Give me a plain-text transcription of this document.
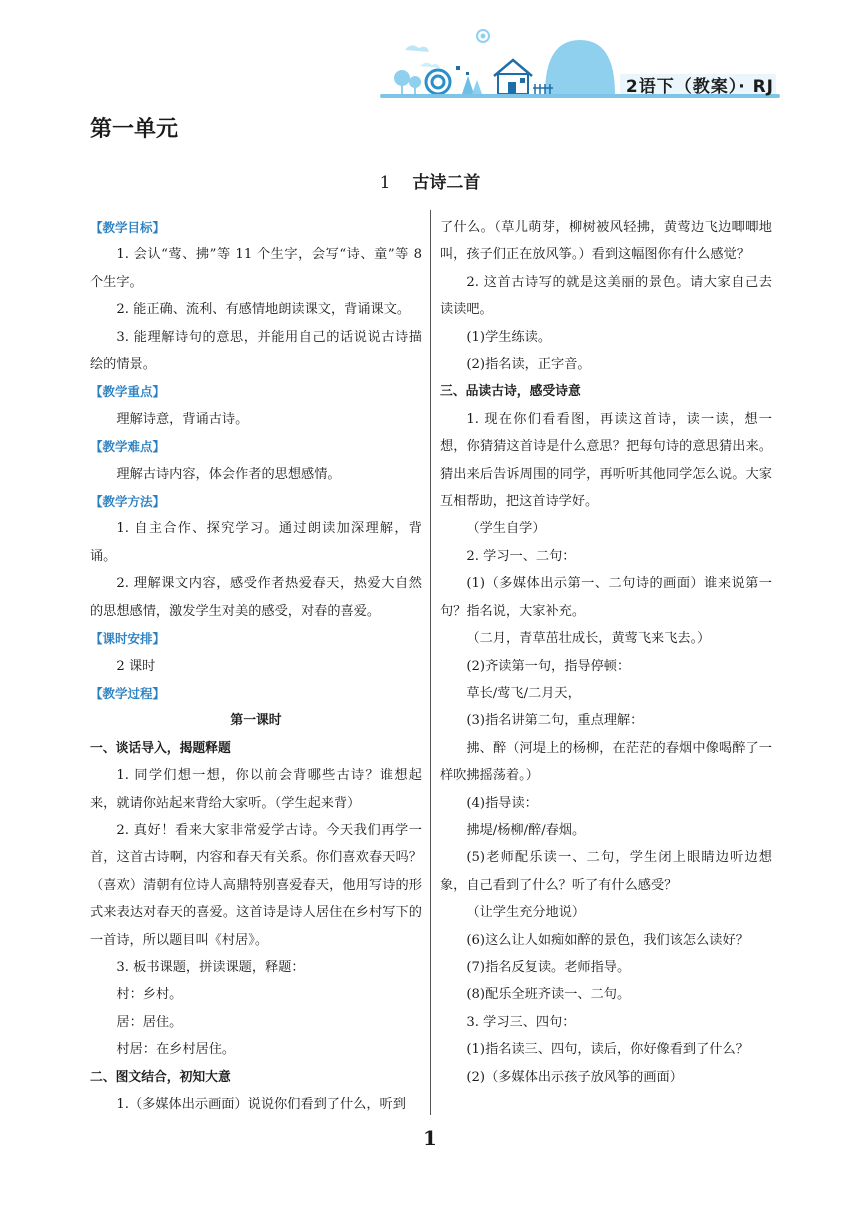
2语下（教案）· RJ
第一单元
1 古诗二首

【教学目标】

1. 会认“莺、拂”等 11 个生字，会写“诗、童”等 8 个生字。

2. 能正确、流利、有感情地朗读课文，背诵课文。

3. 能理解诗句的意思，并能用自己的话说说古诗描绘的情景。

【教学重点】

理解诗意，背诵古诗。

【教学难点】

理解古诗内容，体会作者的思想感情。

【教学方法】

1. 自主合作、探究学习。通过朗读加深理解，背诵。

2. 理解课文内容，感受作者热爱春天，热爱大自然的思想感情，激发学生对美的感受，对春的喜爱。

【课时安排】

2 课时

【教学过程】

第一课时

一、谈话导入，揭题释题

1. 同学们想一想，你以前会背哪些古诗？谁想起来，就请你站起来背给大家听。（学生起来背）

2. 真好！看来大家非常爱学古诗。今天我们再学一首，这首古诗啊，内容和春天有关系。你们喜欢春天吗？（喜欢）清朝有位诗人高鼎特别喜爱春天，他用写诗的形式来表达对春天的喜爱。这首诗是诗人居住在乡村写下的一首诗，所以题目叫《村居》。

3. 板书课题，拼读课题，释题：

村：乡村。

居：居住。

村居：在乡村居住。

二、图文结合，初知大意

1.（多媒体出示画面）说说你们看到了什么，听到

了什么。（草儿萌芽，柳树被风轻拂，黄莺边飞边唧唧地叫，孩子们正在放风筝。）看到这幅图你有什么感觉？

2. 这首古诗写的就是这美丽的景色。请大家自己去读读吧。

(1)学生练读。

(2)指名读，正字音。

三、品读古诗，感受诗意

1. 现在你们看看图，再读这首诗，读一读，想一想，你猜猜这首诗是什么意思？把每句诗的意思猜出来。猜出来后告诉周围的同学，再听听其他同学怎么说。大家互相帮助，把这首诗学好。

（学生自学）

2. 学习一、二句：

(1)（多媒体出示第一、二句诗的画面）谁来说第一句？指名说，大家补充。

（二月，青草茁壮成长，黄莺飞来飞去。）

(2)齐读第一句，指导停顿：

草长/莺飞/二月天，

(3)指名讲第二句，重点理解：

拂、醉（河堤上的杨柳，在茫茫的春烟中像喝醉了一样吹拂摇荡着。）

(4)指导读：

拂堤/杨柳/醉/春烟。

(5)老师配乐读一、二句，学生闭上眼睛边听边想象，自己看到了什么？听了有什么感受？

（让学生充分地说）

(6)这么让人如痴如醉的景色，我们该怎么读好？

(7)指名反复读。老师指导。

(8)配乐全班齐读一、二句。

3. 学习三、四句：

(1)指名读三、四句，读后，你好像看到了什么？

(2)（多媒体出示孩子放风筝的画面）

1
